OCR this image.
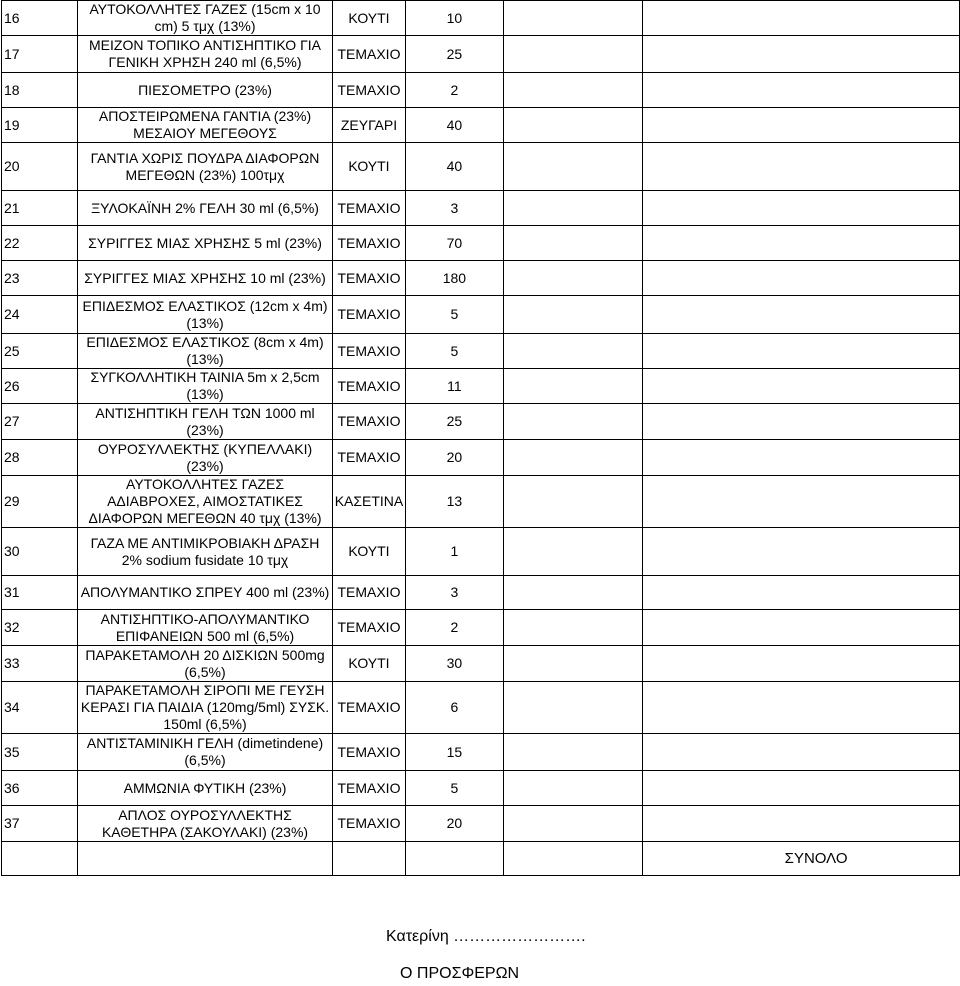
16	ΑΥΤΟΚΟΛΛΗΤΕΣ ΓΑΖΕΣ (15cm x 10 cm) 5 τμχ (13%)	ΚΟΥΤΙ	10		
17	ΜΕΙΖΟΝ ΤΟΠΙΚΟ ΑΝΤΙΣΗΠΤΙΚΟ ΓΙΑ ΓΕΝΙΚΗ ΧΡΗΣΗ 240 ml (6,5%)	ΤΕΜΑΧΙΟ	25		
18	ΠΙΕΣΟΜΕΤΡΟ (23%)	ΤΕΜΑΧΙΟ	2		
19	ΑΠΟΣΤΕΙΡΩΜΕΝΑ ΓΑΝΤΙΑ (23%) ΜΕΣΑΙΟΥ ΜΕΓΕΘΟΥΣ	ΖΕΥΓΑΡΙ	40		
20	ΓΑΝΤΙΑ ΧΩΡΙΣ ΠΟΥΔΡΑ ΔΙΑΦΟΡΩΝ ΜΕΓΕΘΩΝ (23%) 100τμχ	ΚΟΥΤΙ	40		
21	ΞΥΛΟΚΑΪΝΗ 2% ΓΕΛΗ 30 ml (6,5%)	ΤΕΜΑΧΙΟ	3		
22	ΣΥΡΙΓΓΕΣ ΜΙΑΣ ΧΡΗΣΗΣ 5 ml (23%)	ΤΕΜΑΧΙΟ	70		
23	ΣΥΡΙΓΓΕΣ ΜΙΑΣ ΧΡΗΣΗΣ 10 ml (23%)	ΤΕΜΑΧΙΟ	180		
24	ΕΠΙΔΕΣΜΟΣ ΕΛΑΣΤΙΚΟΣ (12cm x 4m) (13%)	ΤΕΜΑΧΙΟ	5		
25	ΕΠΙΔΕΣΜΟΣ ΕΛΑΣΤΙΚΟΣ (8cm x 4m) (13%)	ΤΕΜΑΧΙΟ	5		
26	ΣΥΓΚΟΛΛΗΤΙΚΗ ΤΑΙΝΙΑ 5m x 2,5cm (13%)	ΤΕΜΑΧΙΟ	11		
27	ΑΝΤΙΣΗΠΤΙΚΗ ΓΕΛΗ ΤΩΝ 1000 ml (23%)	ΤΕΜΑΧΙΟ	25		
28	ΟΥΡΟΣΥΛΛΕΚΤΗΣ (ΚΥΠΕΛΛΑΚΙ) (23%)	ΤΕΜΑΧΙΟ	20		
29	ΑΥΤΟΚΟΛΛΗΤΕΣ ΓΑΖΕΣ ΑΔΙΑΒΡΟΧΕΣ, ΑΙΜΟΣΤΑΤΙΚΕΣ ΔΙΑΦΟΡΩΝ ΜΕΓΕΘΩΝ 40 τμχ (13%)	ΚΑΣΕΤΙΝΑ	13		
30	ΓΑΖΑ ΜΕ ΑΝΤΙΜΙΚΡΟΒΙΑΚΗ ΔΡΑΣΗ 2% sodium fusidate 10 τμχ	ΚΟΥΤΙ	1		
31	ΑΠΟΛΥΜΑΝΤΙΚΟ ΣΠΡΕΥ 400 ml (23%)	ΤΕΜΑΧΙΟ	3		
32	ΑΝΤΙΣΗΠΤΙΚΟ-ΑΠΟΛΥΜΑΝΤΙΚΟ ΕΠΙΦΑΝΕΙΩΝ 500 ml (6,5%)	ΤΕΜΑΧΙΟ	2		
33	ΠΑΡΑΚΕΤΑΜΟΛΗ 20 ΔΙΣΚΙΩΝ 500mg (6,5%)	ΚΟΥΤΙ	30		
34	ΠΑΡΑΚΕΤΑΜΟΛΗ ΣΙΡΟΠΙ ΜΕ ΓΕΥΣΗ ΚΕΡΑΣΙ ΓΙΑ ΠΑΙΔΙΑ (120mg/5ml) ΣΥΣΚ. 150ml (6,5%)	ΤΕΜΑΧΙΟ	6		
35	ΑΝΤΙΣΤΑΜΙΝΙΚΗ ΓΕΛΗ (dimetindene) (6,5%)	ΤΕΜΑΧΙΟ	15		
36	ΑΜΜΩΝΙΑ ΦΥΤΙΚΗ (23%)	ΤΕΜΑΧΙΟ	5		
37	ΑΠΛΟΣ ΟΥΡΟΣΥΛΛΕΚΤΗΣ ΚΑΘΕΤΗΡΑ (ΣΑΚΟΥΛΑΚΙ) (23%)	ΤΕΜΑΧΙΟ	20		
					ΣΥΝΟΛΟ
Κατερίνη …………………….
Ο ΠΡΟΣΦΕΡΩΝ
